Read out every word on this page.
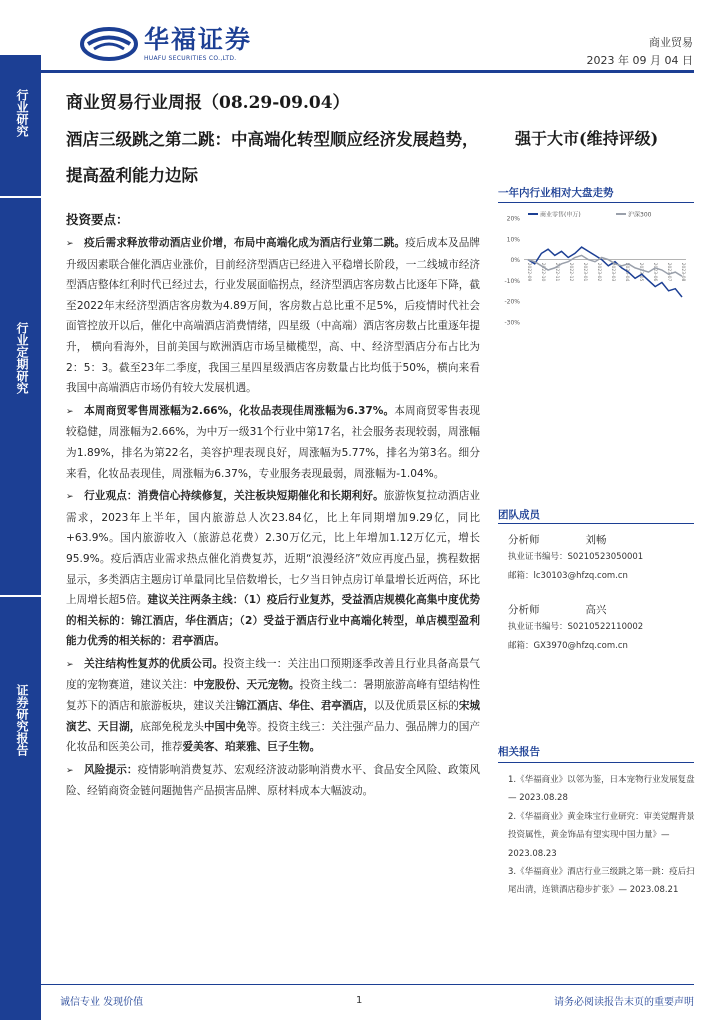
华福证券
HUAFU SECURITIES CO.,LTD.
商业贸易
2023 年 09 月 04 日
行业研究
行业定期研究
证券研究报告
商业贸易行业周报（08.29-09.04）
酒店三级跳之第二跳：中高端化转型顺应经济发展趋势，提高盈利能力边际
强于大市(维持评级)
投资要点：

➢ 疫后需求释放带动酒店业价增，布局中高端化成为酒店行业第二跳。疫后成本及品牌升级因素联合催化酒店业涨价，目前经济型酒店已经进入平稳增长阶段，一二线城市经济型酒店整体红利时代已经过去，行业发展面临拐点，经济型酒店客房数占比逐年下降，截至2022年末经济型酒店客房数为4.89万间，客房数占总比重不足5%，后疫情时代社会面管控放开以后，催化中高端酒店消费情绪，四星级（中高端）酒店客房数占比重逐年提升， 横向看海外，目前美国与欧洲酒店市场呈橄榄型，高、中、经济型酒店分布占比为2：5：3。截至23年二季度，我国三星四星级酒店客房数量占比均低于50%，横向来看我国中高端酒店市场仍有较大发展机遇。

➢ 本周商贸零售周涨幅为2.66%，化妆品表现佳周涨幅为6.37%。本周商贸零售表现较稳健，周涨幅为2.66%，为中万一级31个行业中第17名，社会服务表现较弱，周涨幅为1.89%，排名为第22名，美容护理表现良好，周涨幅为5.77%，排名为第3名。细分来看，化妆品表现佳，周涨幅为6.37%，专业服务表现最弱，周涨幅为-1.04%。

➢ 行业观点：消费信心持续修复，关注板块短期催化和长期利好。旅游恢复拉动酒店业需求，2023年上半年，国内旅游总人次23.84亿，比上年同期增加9.29亿，同比+63.9%。国内旅游收入（旅游总花费）2.30万亿元，比上年增加1.12万亿元，增长95.9%。疫后酒店业需求热点催化消费复苏，近期“浪漫经济”效应再度凸显，携程数据显示，多类酒店主题房订单量同比呈倍数增长，七夕当日钟点房订单量增长近两倍，环比上周增长超5倍。建议关注两条主线：（1）疫后行业复苏，受益酒店规模化高集中度优势的相关标的：锦江酒店，华住酒店；（2）受益于酒店行业中高端化转型，单店模型盈利能力优秀的相关标的：君亭酒店。

➢ 关注结构性复苏的优质公司。投资主线一：关注出口预期逐季改善且行业具备高景气度的宠物赛道，建议关注：中宠股份、天元宠物。投资主线二：暑期旅游高峰有望结构性复苏下的酒店和旅游板块，建议关注锦江酒店、华住、君亭酒店，以及优质景区标的宋城演艺、天目湖，底部免税龙头中国中免等。投资主线三：关注强产品力、强品牌力的国产化妆品和医美公司，推荐爱美客、珀莱雅、巨子生物。

➢ 风险提示：疫情影响消费复苏、宏观经济波动影响消费水平、食品安全风险、政策风险、经销商资金链问题抛售产品损害品牌、原材料成本大幅波动。

一年内行业相对大盘走势
20%
10%
0%
-10%
-20%
-30%
2022-09 2022-10 2022-11 2022-12 2023-01 2023-02 2023-03 2023-04 2023-05 2023-06 2023-07 2023-08
商业零售(申万)	沪深300
团队成员
分析师	刘畅
执业证书编号：S0210523050001
邮箱：lc30103@hfzq.com.cn
分析师	高兴
执业证书编号：S0210522110002
邮箱：GX3970@hfzq.com.cn
相关报告
1.《华福商业》以邻为鉴，日本宠物行业发展复盘 — 2023.08.28
2.《华福商业》黄金珠宝行业研究：审美觉醒背景投资属性，黄金饰品有望实现中国力量》— 2023.08.23
3.《华福商业》酒店行业三级跳之第一跳：疫后扫尾出清，连锁酒店稳步扩张》— 2023.08.21
诚信专业 发现价值	1	请务必阅读报告末页的重要声明
